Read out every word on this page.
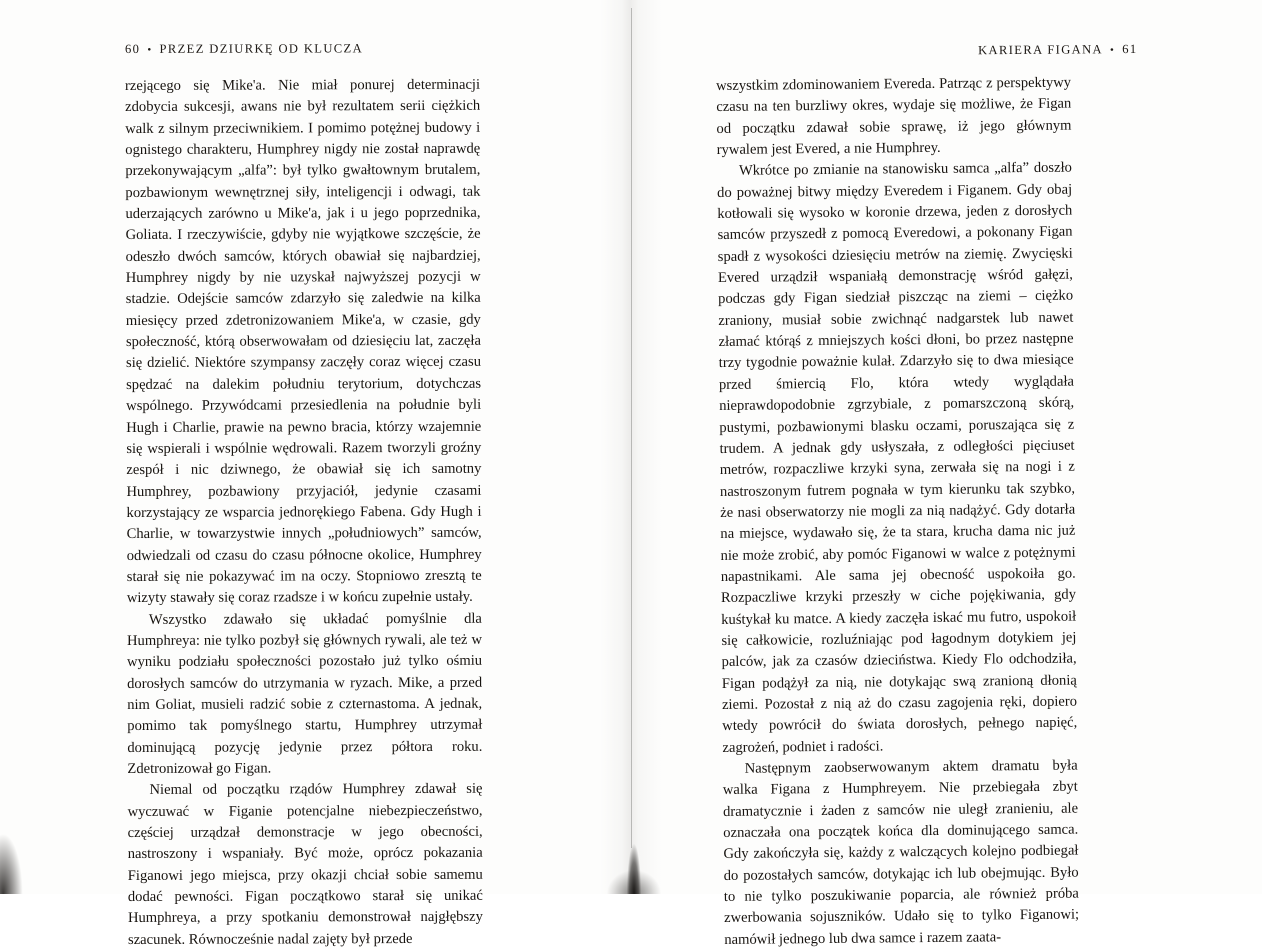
60 • PRZEZ DZIURKĘ OD KLUCZA

rzejącego się Mike'a. Nie miał ponurej determinacji zdobycia sukcesji, awans nie był rezultatem serii ciężkich walk z silnym przeciwnikiem. I pomimo potężnej budowy i ognistego charakteru, Humphrey nigdy nie został naprawdę przekonywającym „alfa”: był tylko gwałtownym brutalem, pozbawionym wewnętrznej siły, inteligencji i odwagi, tak uderzających zarówno u Mike'a, jak i u jego poprzednika, Goliata. I rzeczywiście, gdyby nie wyjątkowe szczęście, że odeszło dwóch samców, których obawiał się najbardziej, Humphrey nigdy by nie uzyskał najwyższej pozycji w stadzie. Odejście samców zdarzyło się zaledwie na kilka miesięcy przed zdetronizowaniem Mike'a, w czasie, gdy społeczność, którą obserwowałam od dziesięciu lat, zaczęła się dzielić. Niektóre szympansy zaczęły coraz więcej czasu spędzać na dalekim południu terytorium, dotychczas wspólnego. Przywódcami przesiedlenia na południe byli Hugh i Charlie, prawie na pewno bracia, którzy wzajemnie się wspierali i wspólnie wędrowali. Razem tworzyli groźny zespół i nic dziwnego, że obawiał się ich samotny Humphrey, pozbawiony przyjaciół, jedynie czasami korzystający ze wsparcia jednorękiego Fabena. Gdy Hugh i Charlie, w towarzystwie innych „południowych” samców, odwiedzali od czasu do czasu północne okolice, Humphrey starał się nie pokazywać im na oczy. Stopniowo zresztą te wizyty stawały się coraz rzadsze i w końcu zupełnie ustały.

Wszystko zdawało się układać pomyślnie dla Humphreya: nie tylko pozbył się głównych rywali, ale też w wyniku podziału społeczności pozostało już tylko ośmiu dorosłych samców do utrzymania w ryzach. Mike, a przed nim Goliat, musieli radzić sobie z czternastoma. A jednak, pomimo tak pomyślnego startu, Humphrey utrzymał dominującą pozycję jedynie przez półtora roku. Zdetronizował go Figan.

Niemal od początku rządów Humphrey zdawał się wyczuwać w Figanie potencjalne niebezpieczeństwo, częściej urządzał demonstracje w jego obecności, nastroszony i wspaniały. Być może, oprócz pokazania Figanowi jego miejsca, przy okazji chciał sobie samemu dodać pewności. Figan początkowo starał się unikać Humphreya, a przy spotkaniu demonstrował najgłębszy szacunek. Równocześnie nadal zajęty był przede

KARIERA FIGANA • 61

wszystkim zdominowaniem Evereda. Patrząc z perspektywy czasu na ten burzliwy okres, wydaje się możliwe, że Figan od początku zdawał sobie sprawę, iż jego głównym rywalem jest Evered, a nie Humphrey.

Wkrótce po zmianie na stanowisku samca „alfa” doszło do poważnej bitwy między Everedem i Figanem. Gdy obaj kotłowali się wysoko w koronie drzewa, jeden z dorosłych samców przyszedł z pomocą Everedowi, a pokonany Figan spadł z wysokości dziesięciu metrów na ziemię. Zwycięski Evered urządził wspaniałą demonstrację wśród gałęzi, podczas gdy Figan siedział piszcząc na ziemi – ciężko zraniony, musiał sobie zwichnąć nadgarstek lub nawet złamać którąś z mniejszych kości dłoni, bo przez następne trzy tygodnie poważnie kulał. Zdarzyło się to dwa miesiące przed śmiercią Flo, która wtedy wyglądała nieprawdopodobnie zgrzybiale, z pomarszczoną skórą, pustymi, pozbawionymi blasku oczami, poruszająca się z trudem. A jednak gdy usłyszała, z odległości pięciuset metrów, rozpaczliwe krzyki syna, zerwała się na nogi i z nastroszonym futrem pognała w tym kierunku tak szybko, że nasi obserwatorzy nie mogli za nią nadążyć. Gdy dotarła na miejsce, wydawało się, że ta stara, krucha dama nic już nie może zrobić, aby pomóc Figanowi w walce z potężnymi napastnikami. Ale sama jej obecność uspokoiła go. Rozpaczliwe krzyki przeszły w ciche pojękiwania, gdy kuśtykał ku matce. A kiedy zaczęła iskać mu futro, uspokoił się całkowicie, rozluźniając pod łagodnym dotykiem jej palców, jak za czasów dzieciństwa. Kiedy Flo odchodziła, Figan podążył za nią, nie dotykając swą zranioną dłonią ziemi. Pozostał z nią aż do czasu zagojenia ręki, dopiero wtedy powrócił do świata dorosłych, pełnego napięć, zagrożeń, podniet i radości.

Następnym zaobserwowanym aktem dramatu była walka Figana z Humphreyem. Nie przebiegała zbyt dramatycznie i żaden z samców nie uległ zranieniu, ale oznaczała ona początek końca dla dominującego samca. Gdy zakończyła się, każdy z walczących kolejno podbiegał do pozostałych samców, dotykając ich lub obejmując. Było to nie tylko poszukiwanie poparcia, ale również próba zwerbowania sojuszników. Udało się to tylko Figanowi; namówił jednego lub dwa samce i razem zaata-
